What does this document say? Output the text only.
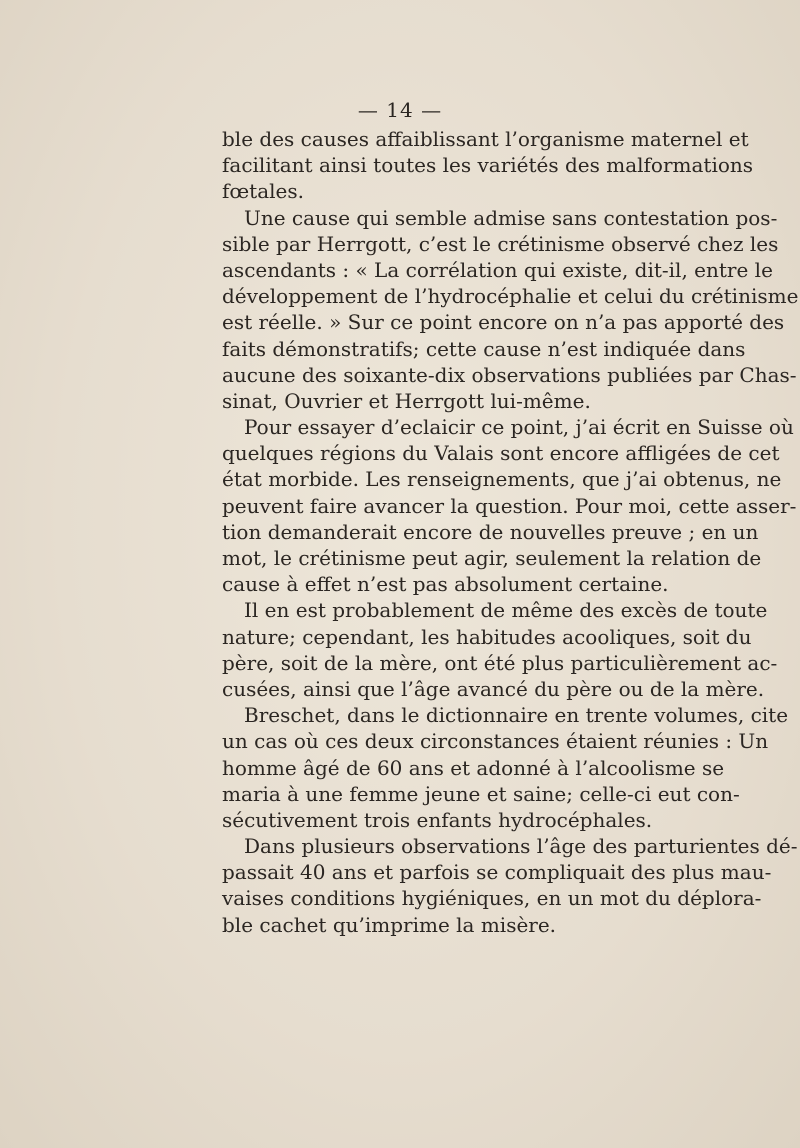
— 14 —
ble des causes affaiblissant l’organisme maternel et
facilitant ainsi toutes les variétés des malformations
fœtales.
Une cause qui semble admise sans contestation pos-
sible par Herrgott, c’est le crétinisme observé chez les
ascendants : « La corrélation qui existe, dit-il, entre le
développement de l’hydrocéphalie et celui du crétinisme
est réelle. » Sur ce point encore on n’a pas apporté des
faits démonstratifs; cette cause n’est indiquée dans
aucune des soixante-dix observations publiées par Chas-
sinat, Ouvrier et Herrgott lui-même.
Pour essayer d’eclaicir ce point, j’ai écrit en Suisse où
quelques régions du Valais sont encore affligées de cet
état morbide. Les renseignements, que j’ai obtenus, ne
peuvent faire avancer la question. Pour moi, cette asser-
tion demanderait encore de nouvelles preuve ; en un
mot, le crétinisme peut agir, seulement la relation de
cause à effet n’est pas absolument certaine.
Il en est probablement de même des excès de toute
nature; cependant, les habitudes acooliques, soit du
père, soit de la mère, ont été plus particulièrement ac-
cusées, ainsi que l’âge avancé du père ou de la mère.
Breschet, dans le dictionnaire en trente volumes, cite
un cas où ces deux circonstances étaient réunies : Un
homme âgé de 60 ans et adonné à l’alcoolisme se
maria à une femme jeune et saine; celle-ci eut con-
sécutivement trois enfants hydrocéphales.
Dans plusieurs observations l’âge des parturientes dé-
passait 40 ans et parfois se compliquait des plus mau-
vaises conditions hygiéniques, en un mot du déplora-
ble cachet qu’imprime la misère.
